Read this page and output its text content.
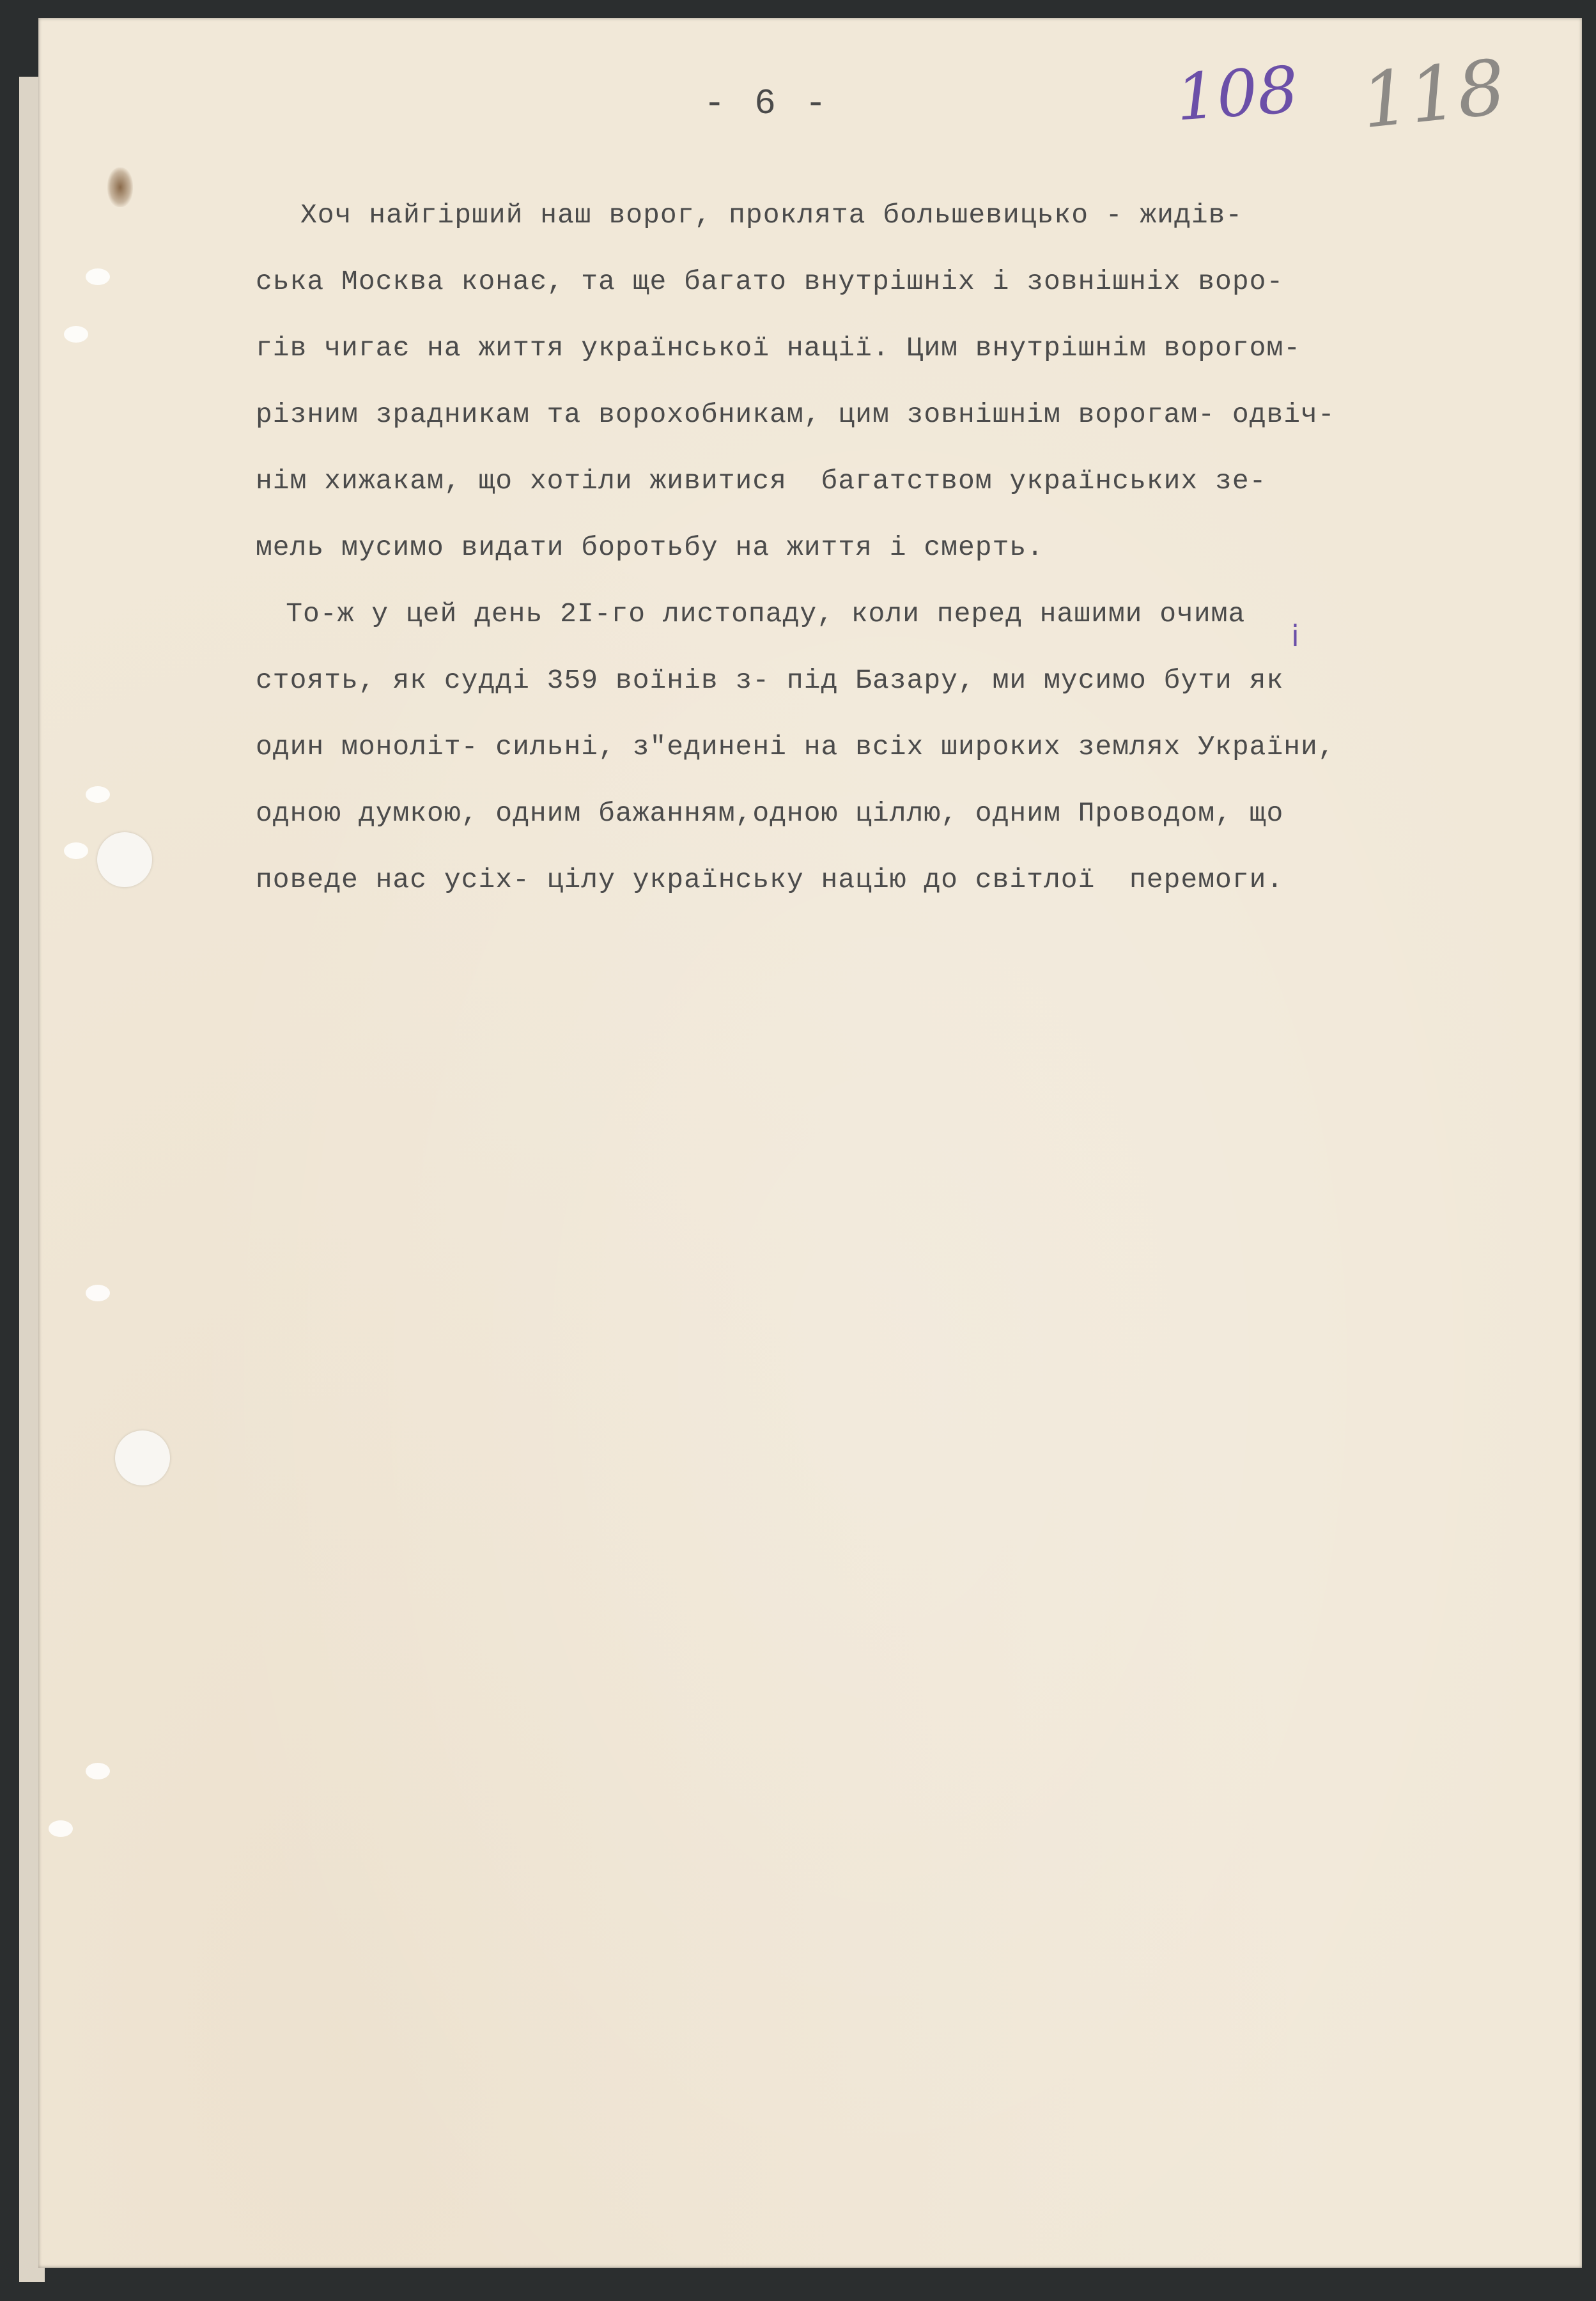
- 6 -	108 118
і
Хоч найгірший наш ворог, проклята большевицько - жидів-
ська Москва конає, та ще багато внутрішніх і зовнішніх воро-
гів чигає на життя української нації. Цим внутрішнім ворогом-
різним зрадникам та ворохобникам, цим зовнішнім ворогам- одвіч-
нім хижакам, що хотіли живитися  багатством українських зе-
мель мусимо видати боротьбу на життя і смерть.
То-ж у цей день 2I-го листопаду, коли перед нашими очима
стоять, як судді 359 воїнів з- під Базару, ми мусимо бути як
один моноліт- сильні, з"единені на всіх широких землях України,
одною думкою, одним бажанням,одною ціллю, одним Проводом, що
поведе нас усіх- цілу українську націю до світлої  перемоги.
